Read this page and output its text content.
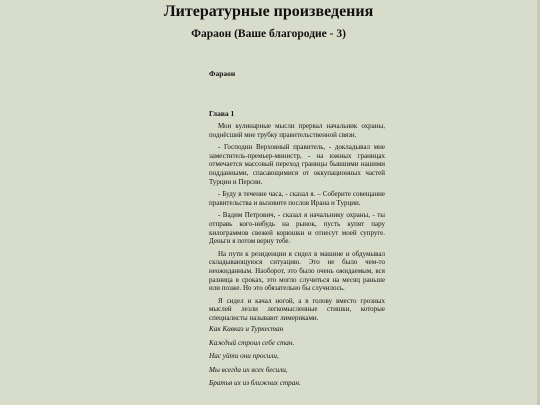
Литературные произведения
Фараон (Ваше благородие - 3)
Фараон
Глава 1

Мои кулинарные мысли прервал начальник охраны, поднёсший мне трубку правительственной связи.

- Господин Верховный правитель, - докладывал мне заместитель-премьер-министр, - на южных границах отмечается массовый переход границы бывшими нашими подданными, спасающимися от оккупационных частей Турции и Персии.

- Буду в течение часа, - сказал я. – Соберите совещание правительства и вызовите послов Ирана и Турции.

- Вадим Петрович, - сказал я начальнику охраны, - ты отправь кого-нибудь на рынок, пусть купят пару килограммов свежей корюшки и отнесут моей супруге. Деньги я потом верну тебе.

На пути к резиденции я сидел в машине и обдумывал складывающуюся ситуацию. Это не было чем-то неожиданным. Наоборот, это было очень ожидаемым, вся разница в сроках, это могло случиться на месяц раньше или позже. Но это обязательно бы случилось.

Я сидел и качал ногой, а в голову вместо грозных мыслей лезли легкомысленные стишки, которые специалисты называют лимериками.

Как Кавказ и Туркестан
Каждый строил себе стан.
Нас уйти они просили,
Мы всегда их всех бесили,
Братья их из ближних стран.
